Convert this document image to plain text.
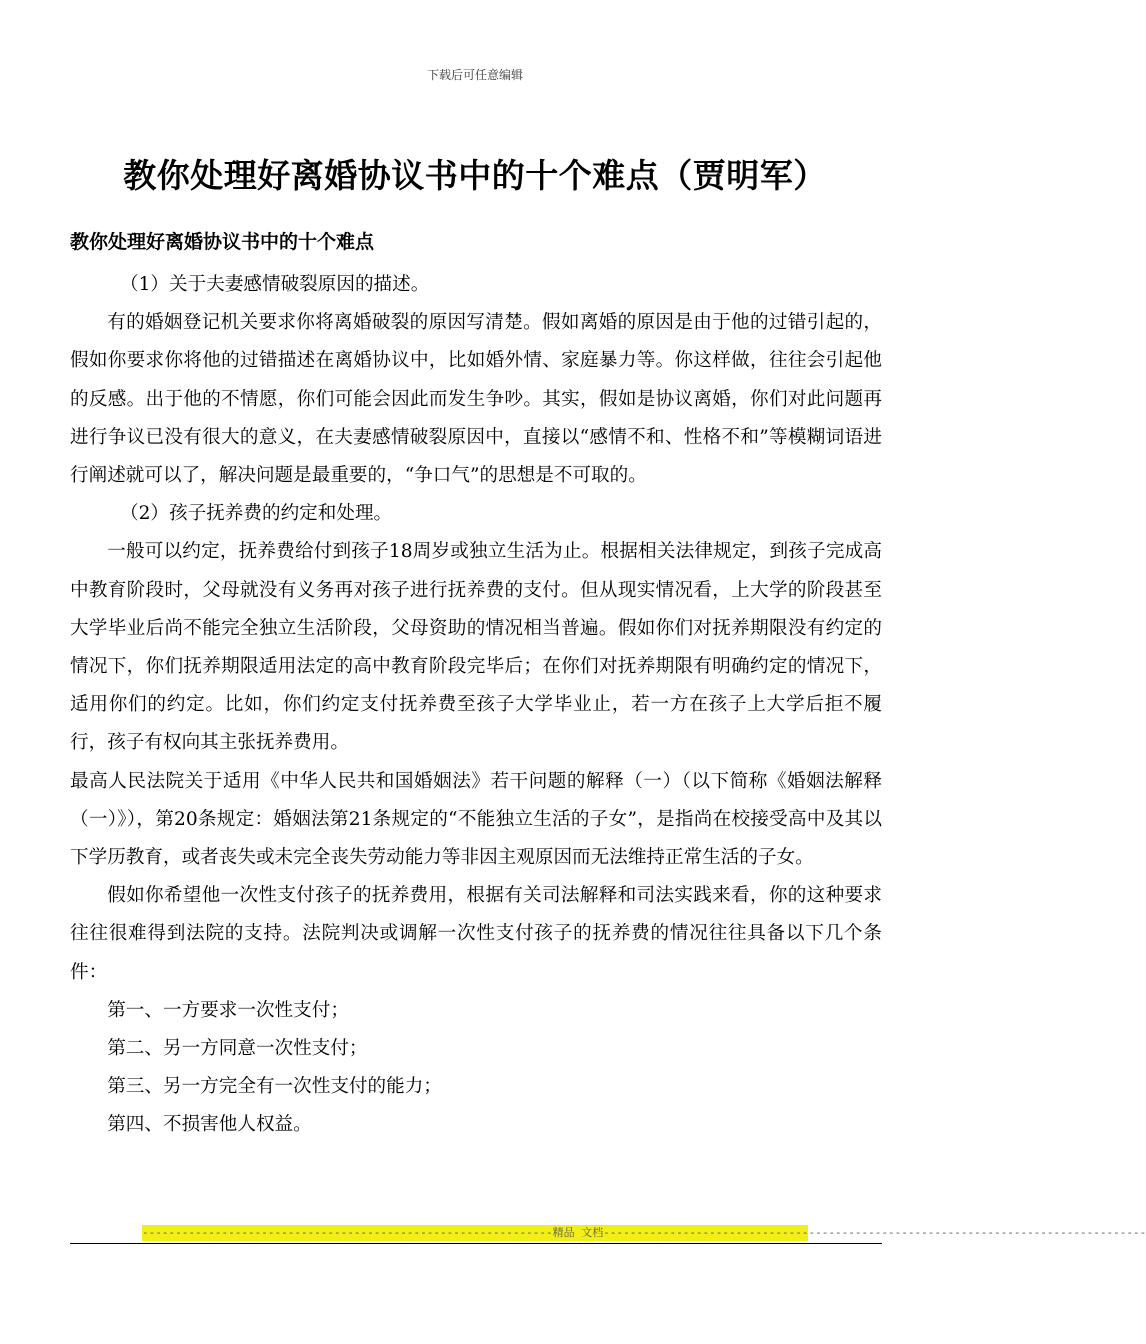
下载后可任意编辑
教你处理好离婚协议书中的十个难点（贾明军）
教你处理好离婚协议书中的十个难点

（1）关于夫妻感情破裂原因的描述。

有的婚姻登记机关要求你将离婚破裂的原因写清楚。假如离婚的原因是由于他的过错引起的，假如你要求你将他的过错描述在离婚协议中，比如婚外情、家庭暴力等。你这样做，往往会引起他的反感。出于他的不情愿，你们可能会因此而发生争吵。其实，假如是协议离婚，你们对此问题再进行争议已没有很大的意义，在夫妻感情破裂原因中，直接以“感情不和、性格不和”等模糊词语进行阐述就可以了，解决问题是最重要的，“争口气”的思想是不可取的。

（2）孩子抚养费的约定和处理。

一般可以约定，抚养费给付到孩子18周岁或独立生活为止。根据相关法律规定，到孩子完成高中教育阶段时，父母就没有义务再对孩子进行抚养费的支付。但从现实情况看，上大学的阶段甚至大学毕业后尚不能完全独立生活阶段，父母资助的情况相当普遍。假如你们对抚养期限没有约定的情况下，你们抚养期限适用法定的高中教育阶段完毕后；在你们对抚养期限有明确约定的情况下，适用你们的约定。比如，你们约定支付抚养费至孩子大学毕业止，若一方在孩子上大学后拒不履行，孩子有权向其主张抚养费用。

最高人民法院关于适用《中华人民共和国婚姻法》若干问题的解释（一）（以下简称《婚姻法解释（一）》），第20条规定：婚姻法第21条规定的“不能独立生活的子女”，是指尚在校接受高中及其以下学历教育，或者丧失或未完全丧失劳动能力等非因主观原因而无法维持正常生活的子女。

假如你希望他一次性支付孩子的抚养费用，根据有关司法解释和司法实践来看，你的这种要求往往很难得到法院的支持。法院判决或调解一次性支付孩子的抚养费的情况往往具备以下几个条件：

第一、一方要求一次性支付；

第二、另一方同意一次性支付；

第三、另一方完全有一次性支付的能力；

第四、不损害他人权益。

--------------------------------------------------------------精品 文档----------------------------------------------------------------------------------
